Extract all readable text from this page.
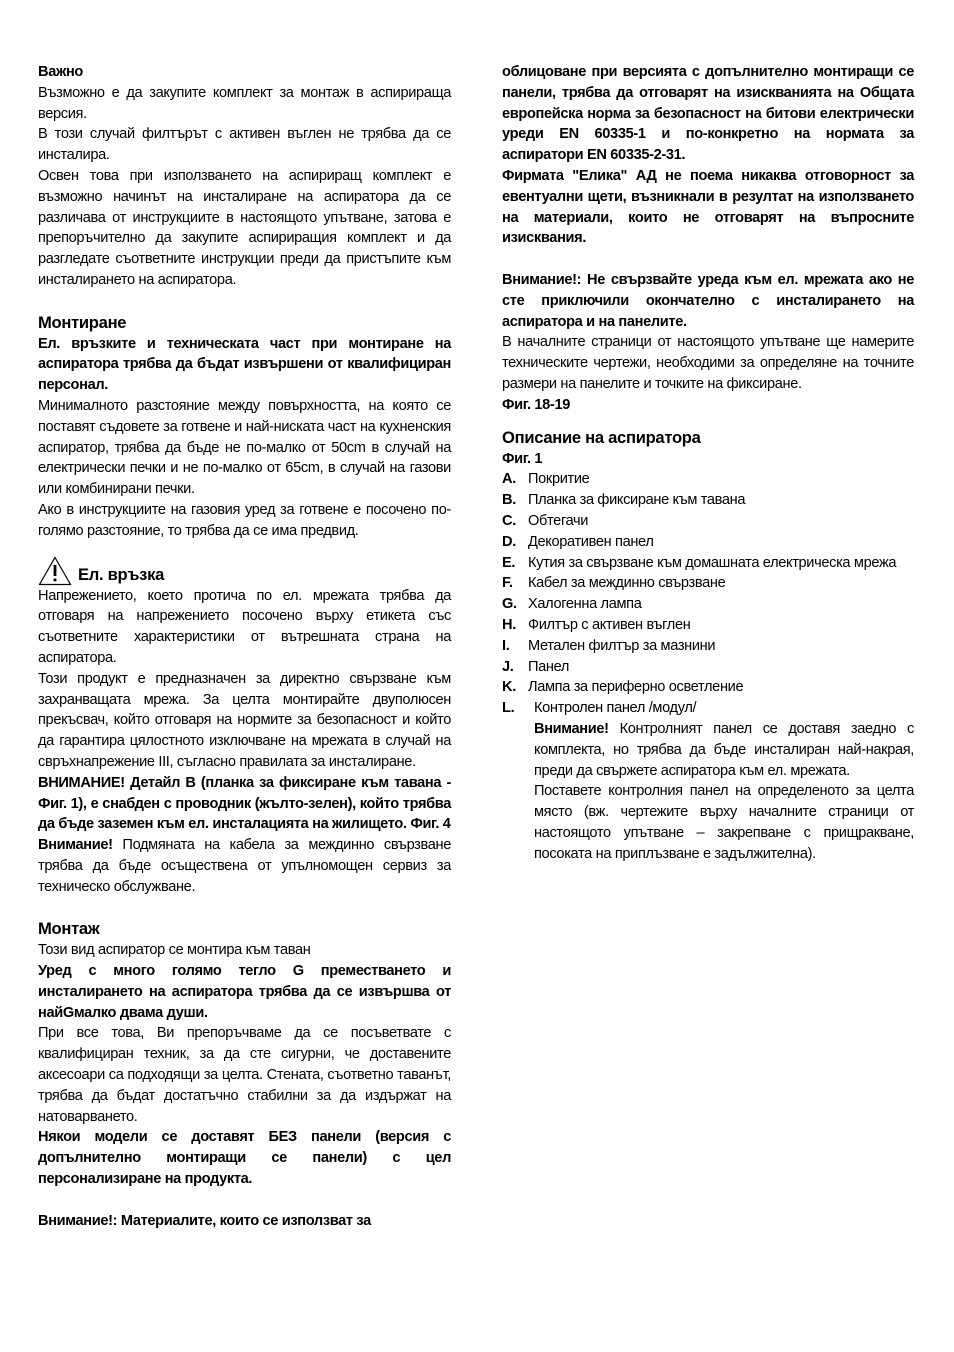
Важно

Възможно е да закупите комплект за монтаж в аспирираща версия.

В този случай филтърът с активен въглен не трябва да се инсталира.

Освен това при използването на аспириращ комплект е възможно начинът на инсталиране на аспиратора да се различава от инструкциите в настоящото упътване, затова е препоръчително да закупите аспириращия комплект и да разгледате съответните инструкции преди да пристъпите към инсталирането на аспиратора.

Монтиране

Ел. връзките и техническата част при монтиране на аспиратора трябва да бъдат извършени от квалифициран персонал.

Минималното разстояние между повърхността, на която се поставят съдовете за готвене и най-ниската част на кухненския аспиратор, трябва да бъде не по-малко от 50cm в случай на електрически печки и не по-малко от 65cm, в случай на газови или комбинирани печки.

Ако в инструкциите на газовия уред за готвене е посочено по-голямо разстояние, то трябва да се има предвид.

Ел. връзка

Напрежението, което протича по ел. мрежата трябва да отговаря на напрежението посочено върху етикета със съответните характеристики от вътрешната страна на аспиратора.

Този продукт е предназначен за директно свързване към захранващата мрежа. За целта монтирайте двуполюсен прекъсвач, който отговаря на нормите за безопасност и който да гарантира цялостното изключване на мрежата в случай на свръхнапрежение III, съгласно правилата за инсталиране.

ВНИМАНИЕ! Детайл B (планка за фиксиране към тавана - Фиг. 1), е снабден с проводник (жълто-зелен), който трябва да бъде заземен към ел. инсталацията на жилището. Фиг. 4

Внимание! Подмяната на кабела за междинно свързване трябва да бъде осъществена от упълномощен сервиз за техническо обслужване.

Монтаж

Този вид аспиратор се монтира към таван

Уред с много голямо тегло G преместването и инсталирането на аспиратора трябва да се извършва от найGмалко двама души.

При все това, Ви препоръчваме да се посъветвате с квалифициран техник, за да сте сигурни, че доставените аксесоари са подходящи за целта. Стената, съответно таванът, трябва да бъдат достатъчно стабилни за да издържат на натоварването.

Някои модели се доставят БЕЗ панели (версия с допълнително монтиращи се панели) с цел персонализиране на продукта.

Внимание!: Материалите, които се използват за

облицоване при версията с допълнително монтиращи се панели, трябва да отговарят на изискванията на Общата европейска норма за безопасност на битови електрически уреди EN 60335-1 и по-конкретно на нормата за аспиратори EN 60335-2-31.

Фирмата "Елика" АД не поема никаква отговорност за евентуални щети, възникнали в резултат на използването на материали, които не отговарят на въпросните изисквания.

Внимание!: Не свързвайте уреда към ел. мрежата ако не сте приключили окончателно с инсталирането на аспиратора и на панелите.

В началните страници от настоящото упътване ще намерите техническите чертежи, необходими за определяне на точните размери на панелите и точките на фиксиране.

Фиг. 18-19

Описание на аспиратора

Фиг. 1

A. Покритие
B. Планка за фиксиране към тавана
C. Обтегачи
D. Декоративен панел
E. Кутия за свързване към домашната електрическа мрежа
F.	Кабел за междинно свързване
G. Халогенна лампа
H. Филтър с активен въглен
I.	Метален филтър за мазнини
J. Панел
K. Лампа за периферно осветление
L.	Контролен панел /модул/

Внимание! Контролният панел се доставя заедно с комплекта, но трябва да бъде инсталиран най-накрая, преди да свържете аспиратора към ел. мрежата.

Поставете контролния панел на определеното за целта място (вж. чертежите върху началните страници от настоящото упътване – закрепване с прищракване, посоката на приплъзване е задължителна).
